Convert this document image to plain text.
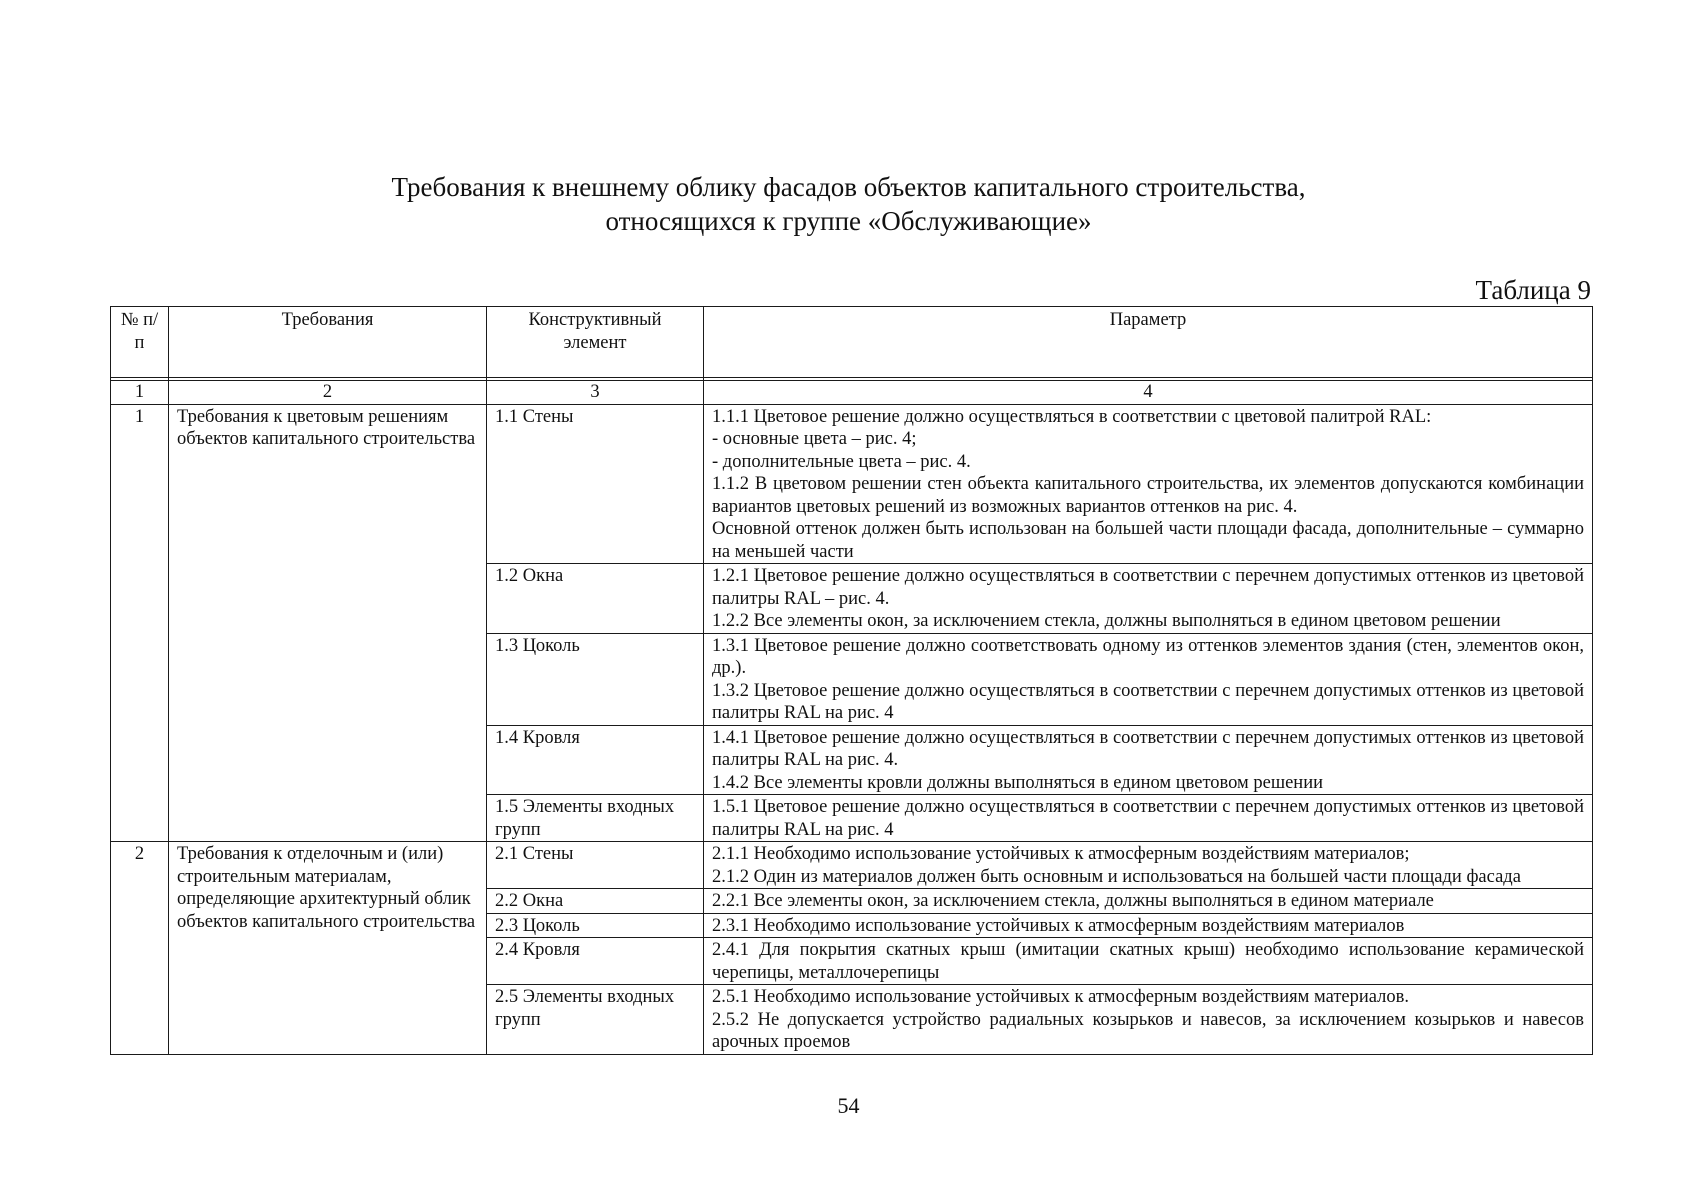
Требования к внешнему облику фасадов объектов капитального строительства,
относящихся к группе «Обслуживающие»
Таблица 9
№ п/п	Требования	Конструктивный элемент	Параметр

1	2	3	4
1	Требования к цветовым решениям объектов капитального строительства	1.1 Стены	1.1.1 Цветовое решение должно осуществляться в соответствии с цветовой палитрой RAL:
- основные цвета – рис. 4;
- дополнительные цвета – рис. 4.
1.1.2 В цветовом решении стен объекта капитального строительства, их элементов допускаются комбинации вариантов цветовых решений из возможных вариантов оттенков на рис. 4.
Основной оттенок должен быть использован на большей части площади фасада, дополнительные – суммарно на меньшей части

		1.2 Окна	1.2.1 Цветовое решение должно осуществляться в соответствии с перечнем допустимых оттенков из цветовой палитры RAL – рис. 4.
1.2.2 Все элементы окон, за исключением стекла, должны выполняться в едином цветовом решении

		1.3 Цоколь	1.3.1 Цветовое решение должно соответствовать одному из оттенков элементов здания (стен, элементов окон, др.).
1.3.2 Цветовое решение должно осуществляться в соответствии с перечнем допустимых оттенков из цветовой палитры RAL на рис. 4

		1.4 Кровля	1.4.1 Цветовое решение должно осуществляться в соответствии с перечнем допустимых оттенков из цветовой палитры RAL на рис. 4.
1.4.2 Все элементы кровли должны выполняться в едином цветовом решении

		1.5 Элементы входных групп	1.5.1 Цветовое решение должно осуществляться в соответствии с перечнем допустимых оттенков из цветовой палитры RAL на рис. 4

2	Требования к отделочным и (или) строительным материалам, определяющие архитектурный облик объектов капитального строительства	2.1 Стены	2.1.1 Необходимо использование устойчивых к атмосферным воздействиям материалов;
2.1.2 Один из материалов должен быть основным и использоваться на большей части площади фасада

		2.2 Окна	2.2.1 Все элементы окон, за исключением стекла, должны выполняться в едином материале

		2.3 Цоколь	2.3.1 Необходимо использование устойчивых к атмосферным воздействиям материалов

		2.4 Кровля	2.4.1 Для покрытия скатных крыш (имитации скатных крыш) необходимо использование керамической черепицы, металлочерепицы

		2.5 Элементы входных групп	2.5.1 Необходимо использование устойчивых к атмосферным воздействиям материалов.
2.5.2 Не допускается устройство радиальных козырьков и навесов, за исключением козырьков и навесов арочных проемов
54
